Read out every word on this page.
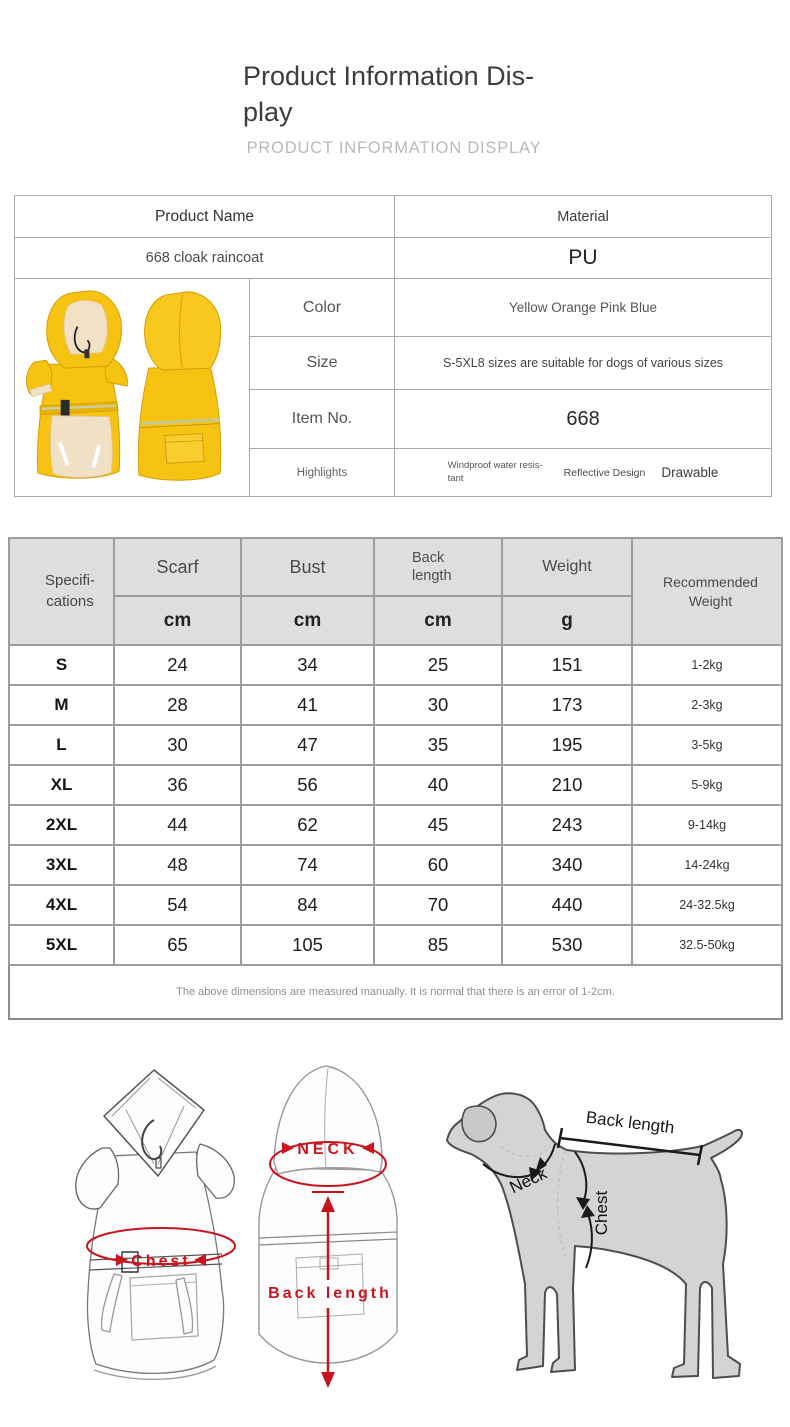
Product Information Dis-
play
PRODUCT INFORMATION DISPLAY
Product Name		Material
668 cloak raincoat		PU
	Color	Yellow Orange Pink Blue
	Size	S-5XL8 sizes are suitable for dogs of various sizes
	Item No.	668
	Highlights	Windproof water resis-tant Reflective Design Drawable
Specifi-cations	Scarf	Bust	Back length	Weight	Recommended Weight
	cm	cm	cm	g	
S	24	34	25	151	1-2kg
M	28	41	30	173	2-3kg
L	30	47	35	195	3-5kg
XL	36	56	40	210	5-9kg
2XL	44	62	45	243	9-14kg
3XL	48	74	60	340	14-24kg
4XL	54	84	70	440	24-32.5kg
5XL	65	105	85	530	32.5-50kg
The above dimensions are measured manually. It is normal that there is an error of 1-2cm.					
Chest
NECK
Back length
Back length
Neck
Chest
